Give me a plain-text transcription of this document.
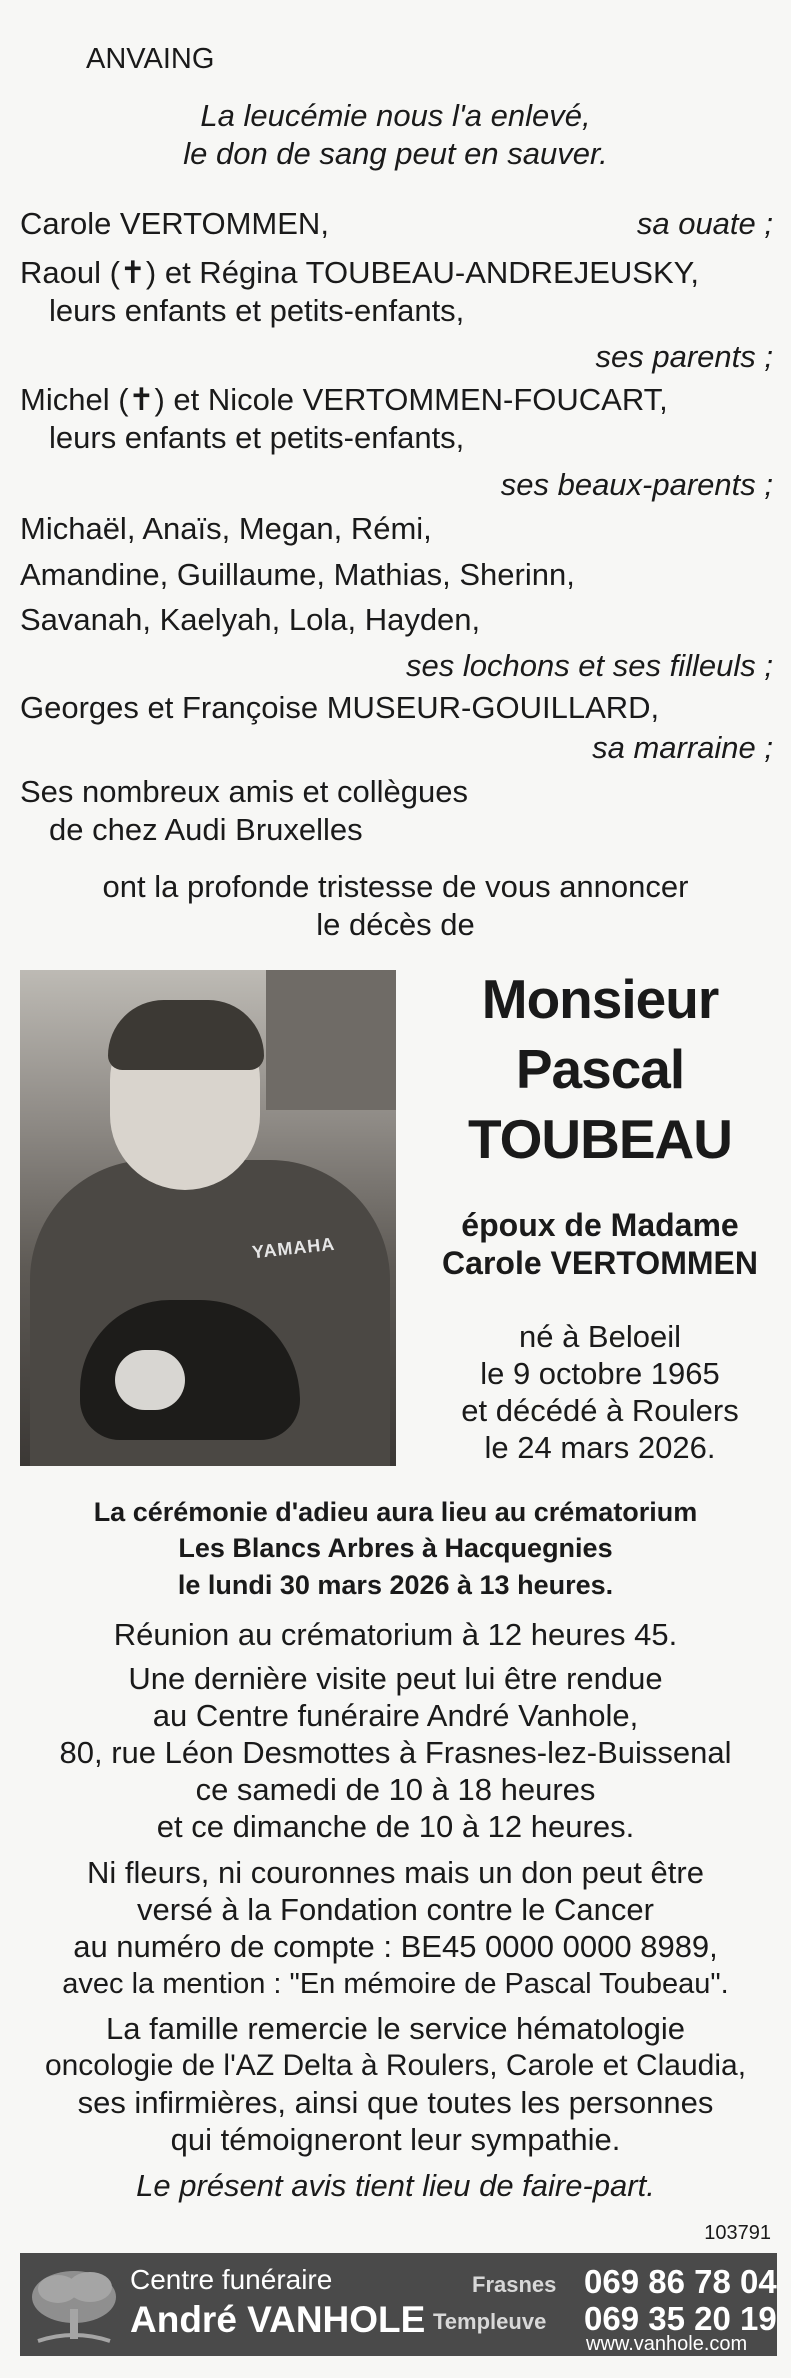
ANVAING
La leucémie nous l'a enlevé,
le don de sang peut en sauver.
Carole VERTOMMEN,	sa ouate ;
Raoul (✝) et Régina TOUBEAU-ANDREJEUSKY,
leurs enfants et petits-enfants,
ses parents ;
Michel (✝) et Nicole VERTOMMEN-FOUCART,
leurs enfants et petits-enfants,
ses beaux-parents ;
Michaël, Anaïs, Megan, Rémi,
Amandine, Guillaume, Mathias, Sherinn,
Savanah, Kaelyah, Lola, Hayden,
ses lochons et ses filleuls ;
Georges et Françoise MUSEUR-GOUILLARD,
sa marraine ;
Ses nombreux amis et collègues
de chez Audi Bruxelles
ont la profonde tristesse de vous annoncer
le décès de
YAMAHA
Monsieur
Pascal
TOUBEAU
époux de Madame
Carole VERTOMMEN
né à Beloeil
le 9 octobre 1965
et décédé à Roulers
le 24 mars 2026.
La cérémonie d'adieu aura lieu au crématorium
Les Blancs Arbres à Hacquegnies
le lundi 30 mars 2026 à 13 heures.
Réunion au crématorium à 12 heures 45.
Une dernière visite peut lui être rendue
au Centre funéraire André Vanhole,
80, rue Léon Desmottes à Frasnes-lez-Buissenal
ce samedi de 10 à 18 heures
et ce dimanche de 10 à 12 heures.
Ni fleurs, ni couronnes mais un don peut être
versé à la Fondation contre le Cancer
au numéro de compte : BE45 0000 0000 8989,
avec la mention : "En mémoire de Pascal Toubeau".
La famille remercie le service hématologie
oncologie de l'AZ Delta à Roulers, Carole et Claudia,
ses infirmières, ainsi que toutes les personnes
qui témoigneront leur sympathie.
Le présent avis tient lieu de faire-part.
103791
Centre funéraire
André VANHOLE
Frasnes 069 86 78 04
Templeuve 069 35 20 19
www.vanhole.com
